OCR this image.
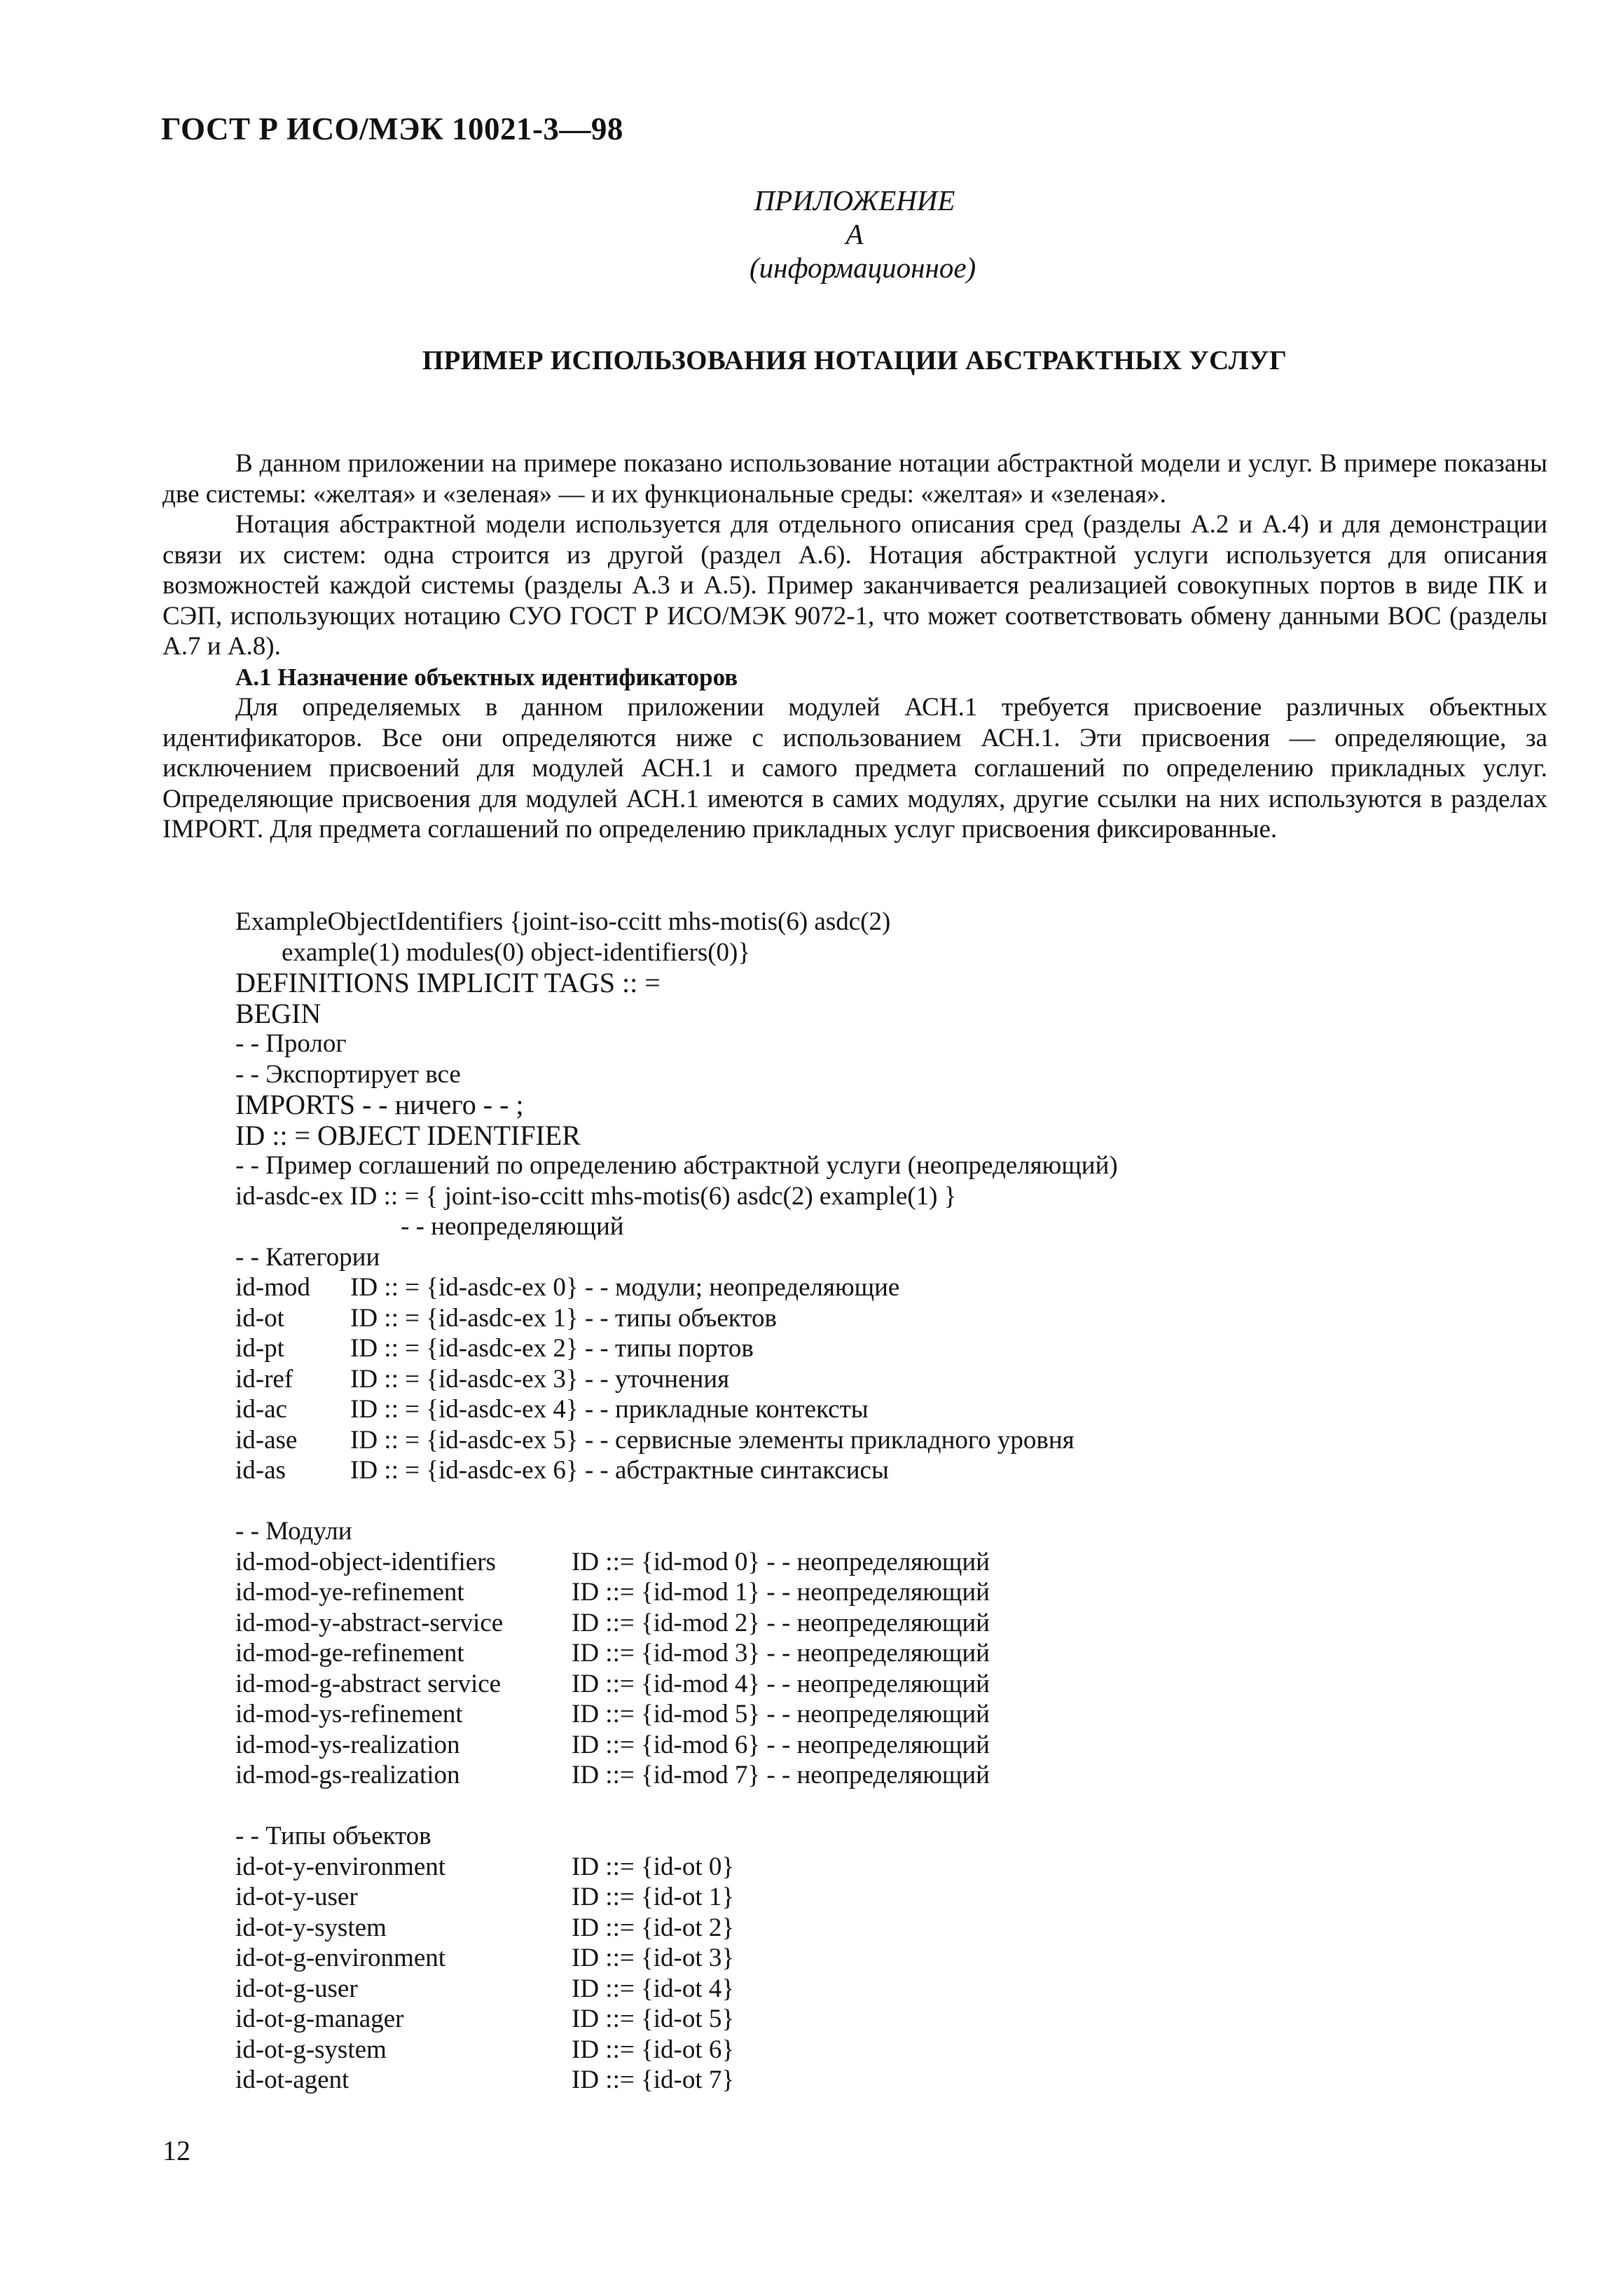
ГОСТ Р ИСО/МЭК 10021-3—98
ПРИЛОЖЕНИЕ А
(информационное)
ПРИМЕР ИСПОЛЬЗОВАНИЯ НОТАЦИИ АБСТРАКТНЫХ УСЛУГ

В данном приложении на примере показано использование нотации абстрактной модели и услуг. В примере показаны две системы: «желтая» и «зеленая» — и их функциональные среды: «желтая» и «зеленая».

Нотация абстрактной модели используется для отдельного описания сред (разделы А.2 и А.4) и для демонстрации связи их систем: одна строится из другой (раздел А.6). Нотация абстрактной услуги используется для описания возможностей каждой системы (разделы А.3 и А.5). Пример заканчивается реализацией совокупных портов в виде ПК и СЭП, использующих нотацию СУО ГОСТ Р ИСО/МЭК 9072-1, что может соответствовать обмену данными ВОС (разделы А.7 и А.8).

А.1 Назначение объектных идентификаторов

Для определяемых в данном приложении модулей АСН.1 требуется присвоение различных объектных идентификаторов. Все они определяются ниже с использованием АСН.1. Эти присвоения — определяющие, за исключением присвоений для модулей АСН.1 и самого предмета соглашений по определению прикладных услуг. Определяющие присвоения для модулей АСН.1 имеются в самих модулях, другие ссылки на них используются в разделах IMPORT. Для предмета соглашений по определению прикладных услуг присвоения фиксированные.

ExampleObjectIdentifiers {joint-iso-ccitt mhs-motis(6) asdc(2)
example(1) modules(0) object-identifiers(0)}
DEFINITIONS IMPLICIT TAGS :: =
BEGIN
- - Пролог
- - Экспортирует все
IMPORTS - - ничего - - ;
ID :: = OBJECT IDENTIFIER
- - Пример соглашений по определению абстрактной услуги (неопределяющий)
id-asdc-ex ID :: = { joint-iso-ccitt mhs-motis(6) asdc(2) example(1) }
- - неопределяющий
- - Категории
id-mod	ID :: = {id-asdc-ex 0} - - модули; неопределяющие
id-ot	ID :: = {id-asdc-ex 1} - - типы объектов
id-pt	ID :: = {id-asdc-ex 2} - - типы портов
id-ref	ID :: = {id-asdc-ex 3} - - уточнения
id-ac	ID :: = {id-asdc-ex 4} - - прикладные контексты
id-ase	ID :: = {id-asdc-ex 5} - - сервисные элементы прикладного уровня
id-as	ID :: = {id-asdc-ex 6} - - абстрактные синтаксисы
- - Модули
id-mod-object-identifiers	ID ::= {id-mod 0} - - неопределяющий
id-mod-ye-refinement	ID ::= {id-mod 1} - - неопределяющий
id-mod-y-abstract-service	ID ::= {id-mod 2} - - неопределяющий
id-mod-ge-refinement	ID ::= {id-mod 3} - - неопределяющий
id-mod-g-abstract service	ID ::= {id-mod 4} - - неопределяющий
id-mod-ys-refinement	ID ::= {id-mod 5} - - неопределяющий
id-mod-ys-realization	ID ::= {id-mod 6} - - неопределяющий
id-mod-gs-realization	ID ::= {id-mod 7} - - неопределяющий
- - Типы объектов
id-ot-y-environment	ID ::= {id-ot 0}
id-ot-y-user	ID ::= {id-ot 1}
id-ot-y-system	ID ::= {id-ot 2}
id-ot-g-environment	ID ::= {id-ot 3}
id-ot-g-user	ID ::= {id-ot 4}
id-ot-g-manager	ID ::= {id-ot 5}
id-ot-g-system	ID ::= {id-ot 6}
id-ot-agent	ID ::= {id-ot 7}
12
